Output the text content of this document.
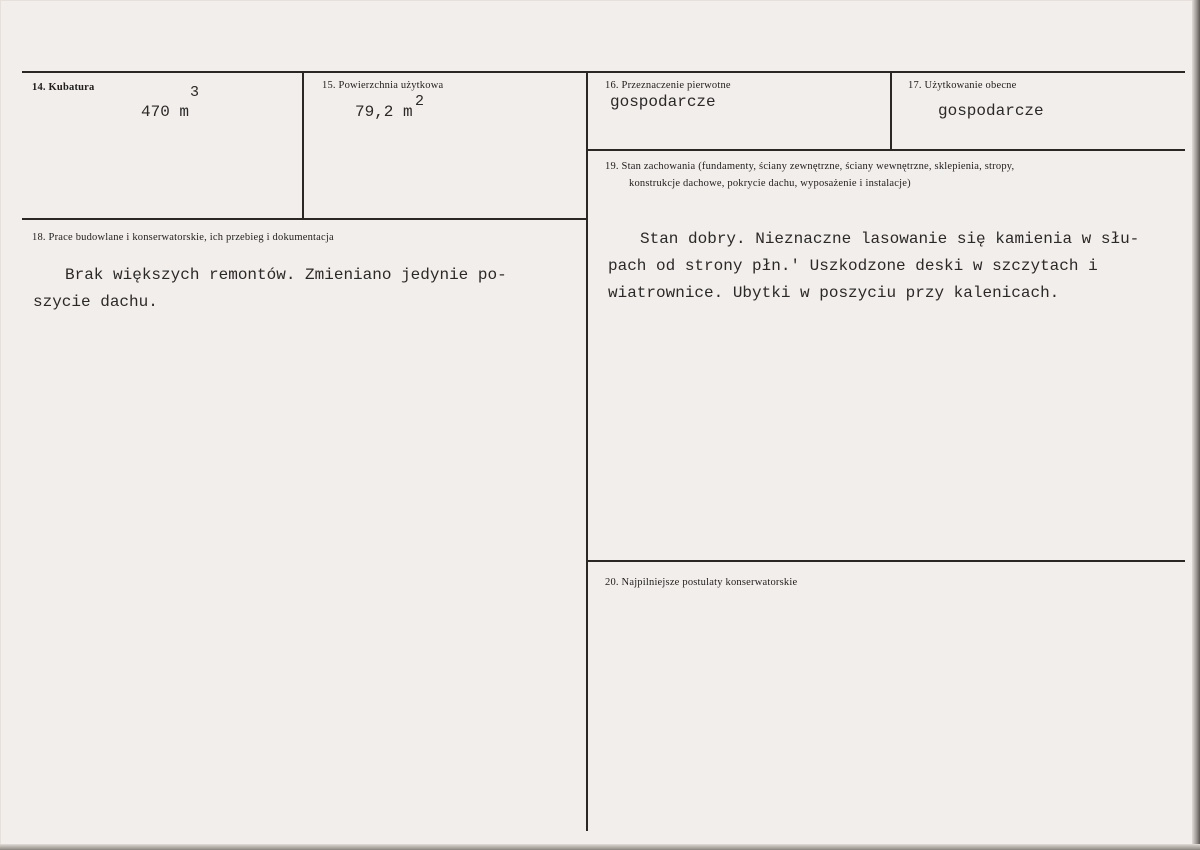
14. Kubatura
470 m
3	15. Powierzchnia użytkowa
79,2 m
2
16. Przeznaczenie pierwotne
gospodarcze
17. Użytkowanie obecne
gospodarcze
19. Stan zachowania (fundamenty, ściany zewnętrzne, ściany wewnętrzne, sklepienia, stropy,
konstrukcje dachowe, pokrycie dachu, wyposażenie i instalacje)
Stan dobry. Nieznaczne lasowanie się kamienia w słu-
pach od strony płn.' Uszkodzone deski w szczytach i
wiatrownice. Ubytki w poszyciu przy kalenicach.
18. Prace budowlane i konserwatorskie, ich przebieg i dokumentacja
Brak większych remontów. Zmieniano jedynie po-
szycie dachu.
20. Najpilniejsze postulaty konserwatorskie
